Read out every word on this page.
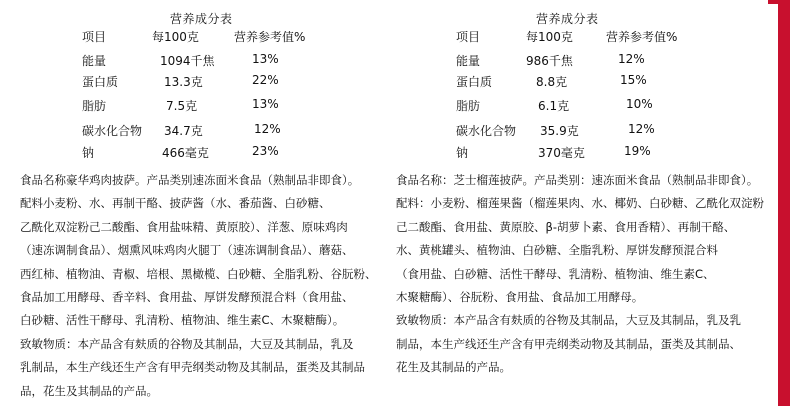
营养成分表
项目	每100克	营养参考值%
能量	1094千焦	13%
蛋白质	13.3克	22%
脂肪	7.5克	13%
碳水化合物 34.7克	12%
钠	466毫克	23%
食品名称豪华鸡肉披萨。产品类别速冻面米食品（熟制品非即食）。
配料小麦粉、水、再制干酪、披萨酱（水、番茄酱、白砂糖、
乙酰化双淀粉己二酸酯、食用盐味精、黄原胶）、洋葱、原味鸡肉
（速冻调制食品）、烟熏风味鸡肉火腿丁（速冻调制食品）、蘑菇、
西红柿、植物油、青椒、培根、黑橄榄、白砂糖、全脂乳粉、谷朊粉、
食品加工用酵母、香辛料、食用盐、厚饼发酵预混合料（食用盐、
白砂糖、活性干酵母、乳清粉、植物油、维生素C、木聚糖酶）。
致敏物质：本产品含有麸质的谷物及其制品，大豆及其制品，乳及
乳制品，本生产线还生产含有甲壳纲类动物及其制品，蛋类及其制品
品，花生及其制品的产品。
营养成分表
项目	每100克	营养参考值%
能量	986千焦	12%
蛋白质	8.8克	15%
脂肪	6.1克	10%
碳水化合物 35.9克	12%
钠	370毫克	19%
食品名称：芝士榴莲披萨。产品类别：速冻面米食品（熟制品非即食）。
配料：小麦粉、榴莲果酱（榴莲果肉、水、椰奶、白砂糖、乙酰化双淀粉
己二酸酯、食用盐、黄原胶、β-胡萝卜素、食用香精）、再制干酪、
水、黄桃罐头、植物油、白砂糖、全脂乳粉、厚饼发酵预混合料
（食用盐、白砂糖、活性干酵母、乳清粉、植物油、维生素C、
木聚糖酶）、谷朊粉、食用盐、食品加工用酵母。
致敏物质：本产品含有麸质的谷物及其制品，大豆及其制品，乳及乳
制品，本生产线还生产含有甲壳纲类动物及其制品，蛋类及其制品、
花生及其制品的产品。
